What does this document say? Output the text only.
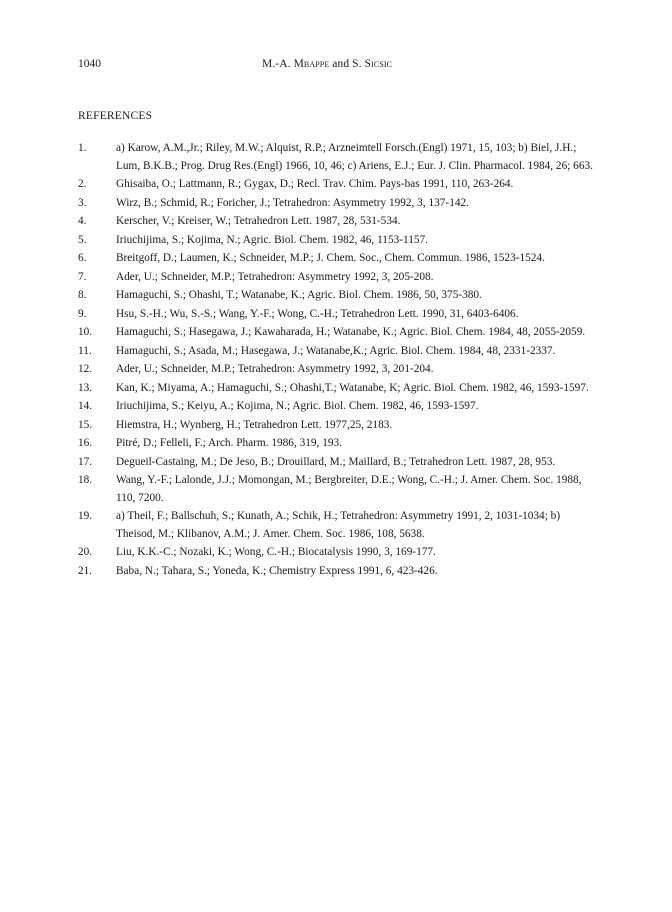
1040	M.-A. Mbappe and S. Sicsic
REFERENCES
1.	a) Karow, A.M.,Jr.; Riley, M.W.; Alquist, R.P.; Arzneimtell Forsch.(Engl) 1971, 15, 103; b) Biel, J.H.; Lum, B.K.B.; Prog. Drug Res.(Engl) 1966, 10, 46; c) Ariens, E.J.; Eur. J. Clin. Pharmacol. 1984, 26; 663.
2.	Ghisaiba, O.; Lattmann, R.; Gygax, D.; Recl. Trav. Chim. Pays-bas 1991, 110, 263-264.
3.	Wirz, B.; Schmid, R.; Foricher, J.; Tetrahedron: Asymmetry 1992, 3, 137-142.
4.	Kerscher, V.; Kreiser, W.; Tetrahedron Lett. 1987, 28, 531-534.
5.	Iriuchijima, S.; Kojima, N.; Agric. Biol. Chem. 1982, 46, 1153-1157.
6.	Breitgoff, D.; Laumen, K.; Schneider, M.P.; J. Chem. Soc., Chem. Commun. 1986, 1523-1524.
7.	Ader, U.; Schneider, M.P.; Tetrahedron: Asymmetry 1992, 3, 205-208.
8.	Hamaguchi, S.; Ohashi, T.; Watanabe, K.; Agric. Biol. Chem. 1986, 50, 375-380.
9.	Hsu, S.-H.; Wu, S.-S.; Wang, Y.-F.; Wong, C.-H.; Tetrahedron Lett. 1990, 31, 6403-6406.
10.	Hamaguchi, S.; Hasegawa, J.; Kawaharada, H.; Watanabe, K.; Agric. Biol. Chem. 1984, 48, 2055-2059.
11.	Hamaguchi, S.; Asada, M.; Hasegawa, J.; Watanabe,K.; Agric. Biol. Chem. 1984, 48, 2331-2337.
12.	Ader, U.; Schneider, M.P.; Tetrahedron: Asymmetry 1992, 3, 201-204.
13.	Kan, K.; Miyama, A.; Hamaguchi, S.; Ohashi,T.; Watanabe, K; Agric. Biol. Chem. 1982, 46, 1593-1597.
14.	Iriuchijima, S.; Keiyu, A.; Kojima, N.; Agric. Biol. Chem. 1982, 46, 1593-1597.
15.	Hiemstra, H.; Wynberg, H.; Tetrahedron Lett. 1977,25, 2183.
16.	Pitré, D.; Felleli, F.; Arch. Pharm. 1986, 319, 193.
17.	Degueil-Castaing, M.; De Jeso, B.; Drouillard, M.; Maillard, B.; Tetrahedron Lett. 1987, 28, 953.
18.	Wang, Y.-F.; Lalonde, J.J.; Momongan, M.; Bergbreiter, D.E.; Wong, C.-H.; J. Amer. Chem. Soc. 1988, 110, 7200.
19.	a) Theil, F.; Ballschuh, S.; Kunath, A.; Schik, H.; Tetrahedron: Asymmetry 1991, 2, 1031-1034; b) Theisod, M.; Klibanov, A.M.; J. Amer. Chem. Soc. 1986, 108, 5638.
20.	Liu, K.K.-C.; Nozaki, K.; Wong, C.-H.; Biocatalysis 1990, 3, 169-177.
21.	Baba, N.; Tahara, S.; Yoneda, K.; Chemistry Express 1991, 6, 423-426.
